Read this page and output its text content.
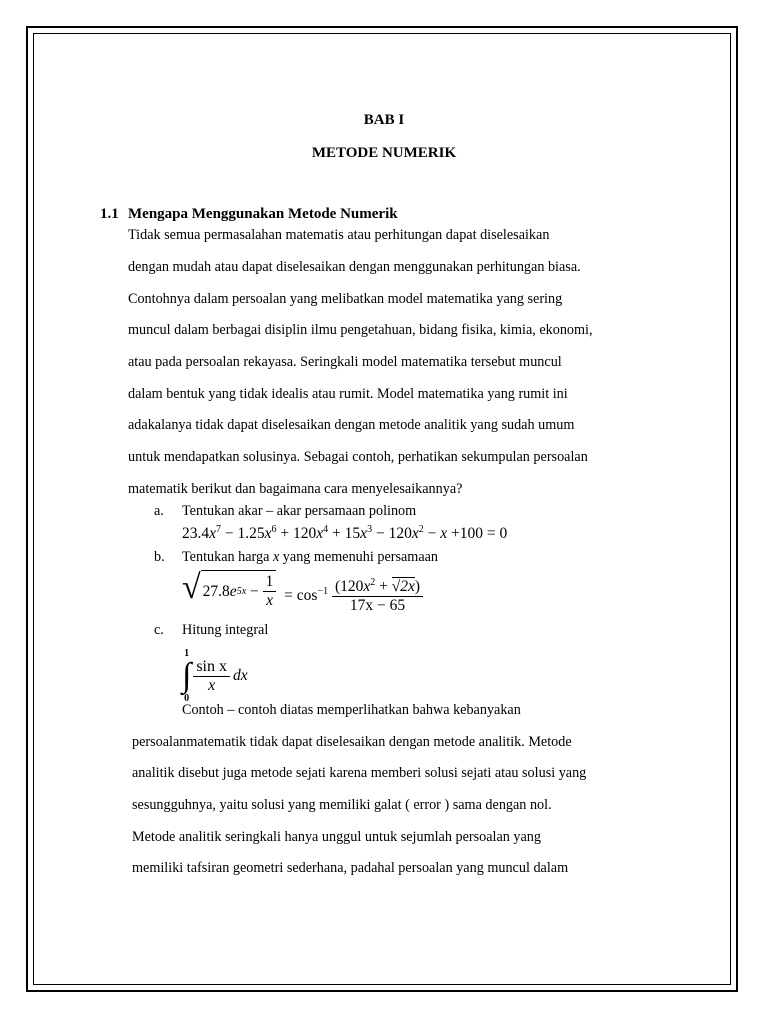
BAB I
METODE NUMERIK
1.1 Mengapa Menggunakan Metode Numerik
Tidak semua permasalahan matematis atau perhitungan dapat diselesaikan
dengan mudah atau dapat diselesaikan dengan menggunakan perhitungan biasa.
Contohnya dalam persoalan yang melibatkan model matematika yang sering
muncul dalam berbagai disiplin ilmu pengetahuan, bidang fisika, kimia, ekonomi,
atau pada persoalan rekayasa. Seringkali model matematika tersebut muncul
dalam bentuk yang tidak idealis atau rumit. Model matematika yang rumit ini
adakalanya tidak dapat diselesaikan dengan metode analitik yang sudah umum
untuk mendapatkan solusinya. Sebagai contoh, perhatikan sekumpulan persoalan
matematik berikut dan bagaimana cara menyelesaikannya?
a. Tentukan akar – akar persamaan polinom
$23.4x^7 - 1.25x^6 + 120x^4 + 15x^3 - 120x^2 - x +100 = 0$
b. Tentukan harga x yang memenuhi persamaan
√ 27.8 e $5x - \frac{1}{x} = \cos^{-1} \frac{(120x^2 + √2x)}{17x - 65}$
c. Hitung integral
1
∫
0
$\frac{\text{sin x}}{x}$ dx
Contoh – contoh diatas memperlihatkan bahwa kebanyakan
persoalanmatematik tidak dapat diselesaikan dengan metode analitik. Metode
analitik disebut juga metode sejati karena memberi solusi sejati atau solusi yang
sesungguhnya, yaitu solusi yang memiliki galat ( error ) sama dengan nol.
Metode analitik seringkali hanya unggul untuk sejumlah persoalan yang
memiliki tafsiran geometri sederhana, padahal persoalan yang muncul dalam
